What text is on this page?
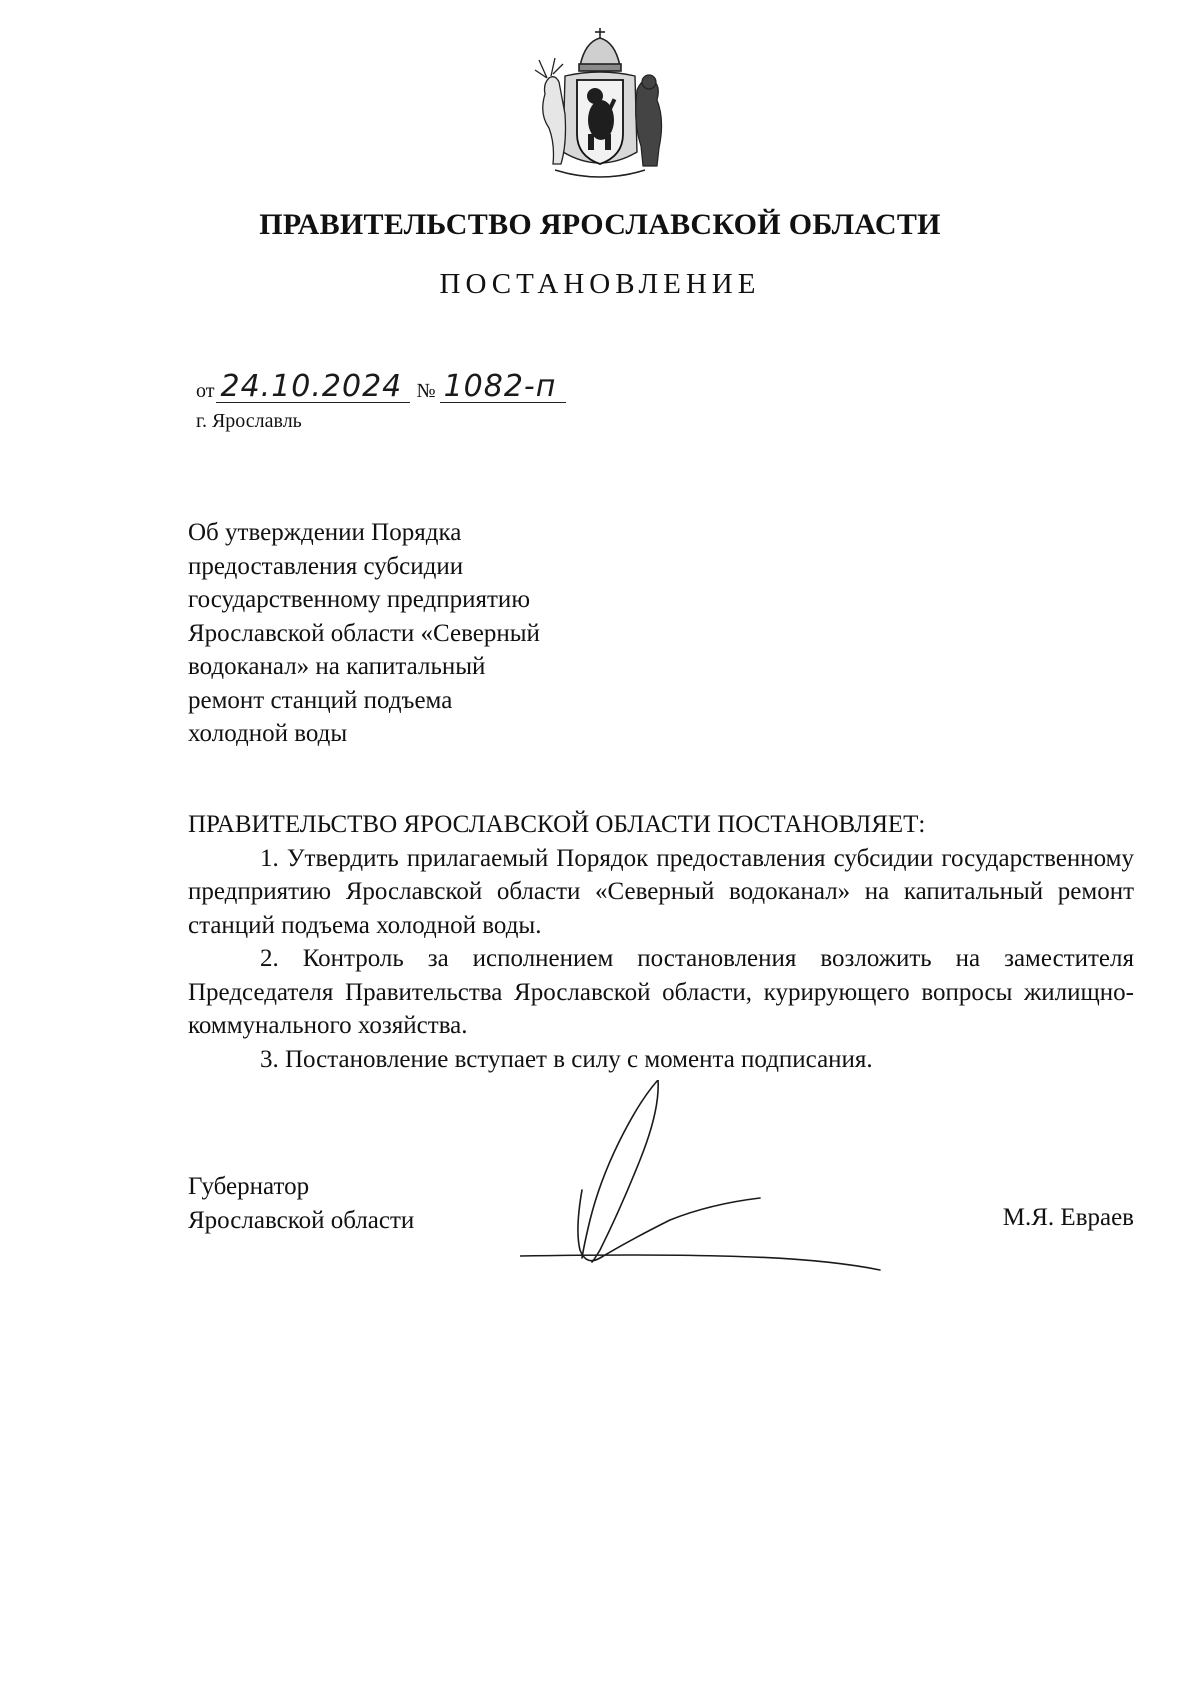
ПРАВИТЕЛЬСТВО ЯРОСЛАВСКОЙ ОБЛАСТИ
ПОСТАНОВЛЕНИЕ
от 24.10.2024 № 1082-п
г. Ярославль
Об утверждении Порядка
предоставления субсидии
государственному предприятию
Ярославской области «Северный
водоканал» на капитальный
ремонт станций подъема
холодной воды
ПРАВИТЕЛЬСТВО ЯРОСЛАВСКОЙ ОБЛАСТИ ПОСТАНОВЛЯЕТ:

1. Утвердить прилагаемый Порядок предоставления субсидии государственному предприятию Ярославской области «Северный водоканал» на капитальный ремонт станций подъема холодной воды.

2. Контроль за исполнением постановления возложить на заместителя Председателя Правительства Ярославской области, курирующего вопросы жилищно-коммунального хозяйства.

3. Постановление вступает в силу с момента подписания.

Губернатор
Ярославской области	М.Я. Евраев
